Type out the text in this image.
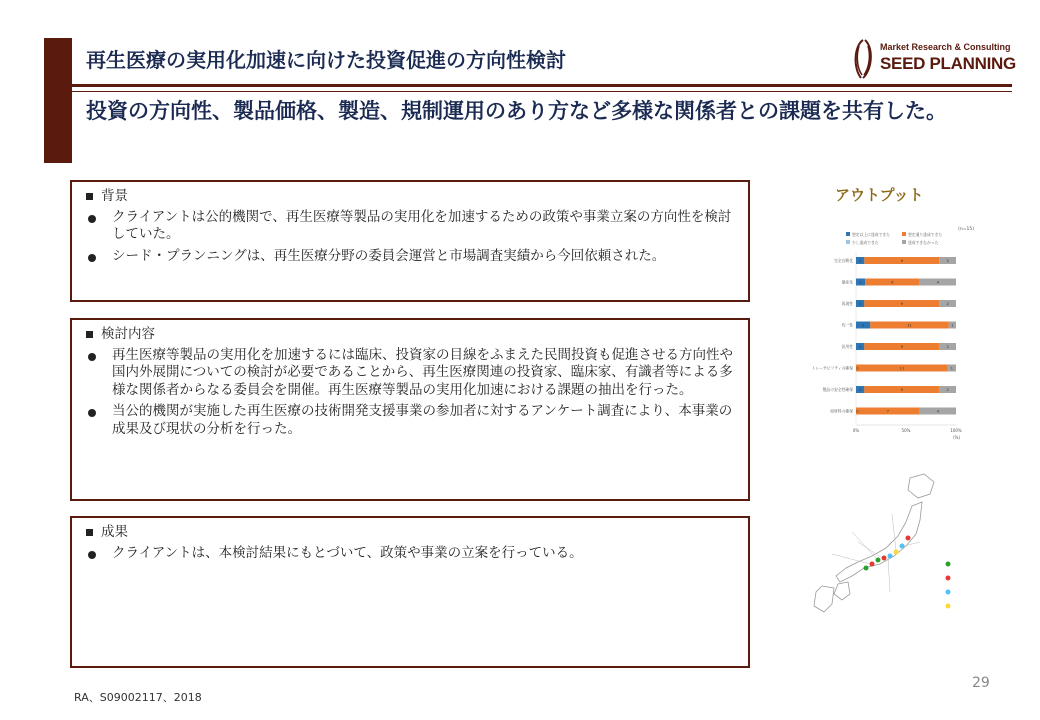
再生医療の実用化加速に向けた投資促進の方向性検討
投資の方向性、製品価格、製造、規制運用のあり方など多様な関係者との課題を共有した。
Market Research & Consulting
SEED PLANNING
背景
クライアントは公的機関で、再生医療等製品の実用化を加速するための政策や事業立案の方向性を検討していた。
シード・プランニングは、再生医療分野の委員会運営と市場調査実績から今回依頼された。
検討内容
再生医療等製品の実用化を加速するには臨床、投資家の目線をふまえた民間投資も促進させる方向性や国内外展開についての検討が必要であることから、再生医療関連の投資家、臨床家、有識者等による多様な関係者からなる委員会を開催。再生医療等製品の実用化加速における課題の抽出を行った。
当公的機関が実施した再生医療の技術開発支援事業の参加者に対するアンケート調査により、本事業の成果及び現状の分析を行った。
成果
クライアントは、本検討結果にもとづいて、政策や事業の立案を行っている。
アウトプット
(n=15)
想定以上に達成できた	想定通り達成できた
少し達成できた	達成できなかった
完全自動化 1	9	2
量産化 1	6	4
再現性 1	9	2
均一性 2	11	1
汎用性 1	9	2
トレーサビリティの確保 0	11	1
製品の安全性確保 1	9	2
原材料の確保 0	7	4
0%	50%	100%
(%)
RA、S09002117、2018
29
